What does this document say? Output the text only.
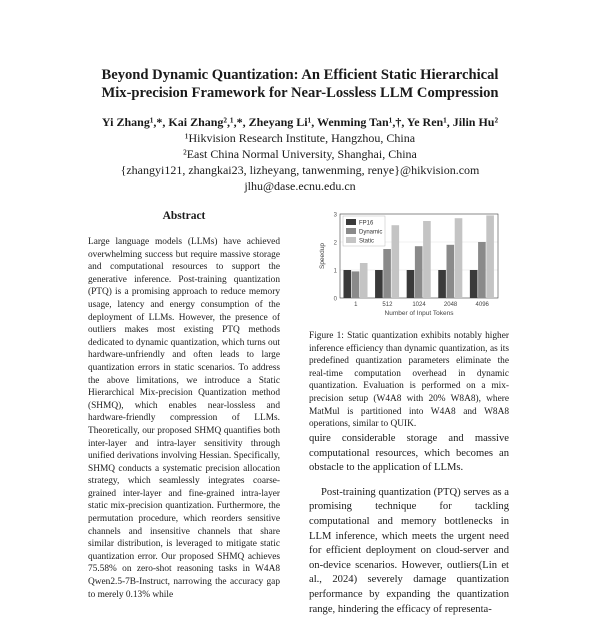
Beyond Dynamic Quantization: An Efficient Static Hierarchical
Mix-precision Framework for Near-Lossless LLM Compression
Yi Zhang¹,*, Kai Zhang²,¹,*, Zheyang Li¹, Wenming Tan¹,†, Ye Ren¹, Jilin Hu²
¹Hikvision Research Institute, Hangzhou, China
²East China Normal University, Shanghai, China
{zhangyi121, zhangkai23, lizheyang, tanwenming, renye}@hikvision.com
jlhu@dase.ecnu.edu.cn
Abstract

Large language models (LLMs) have achieved overwhelming success but require massive storage and computational resources to support the generative inference. Post-training quantization (PTQ) is a promising approach to reduce memory usage, latency and energy consumption of the deployment of LLMs. However, the presence of outliers makes most existing PTQ methods dedicated to dynamic quantization, which turns out hardware-unfriendly and often leads to large quantization errors in static scenarios. To address the above limitations, we introduce a Static Hierarchical Mix-precision Quantization method (SHMQ), which enables near-lossless and hardware-friendly compression of LLMs. Theoretically, our proposed SHMQ quantifies both inter-layer and intra-layer sensitivity through unified derivations involving Hessian. Specifically, SHMQ conducts a systematic precision allocation strategy, which seamlessly integrates coarse-grained inter-layer and fine-grained intra-layer static mix-precision quantization. Furthermore, the permutation procedure, which reorders sensitive channels and insensitive channels that share similar distribution, is leveraged to mitigate static quantization error. Our proposed SHMQ achieves 75.58% on zero-shot reasoning tasks in W4A8 Qwen2.5-7B-Instruct, narrowing the accuracy gap to merely 0.13% while

0
1
2
3
1	512	1024	2048	4096
Number of Input Tokens
Speedup
FP16
Dynamic
Static

Figure 1: Static quantization exhibits notably higher inference efficiency than dynamic quantization, as its predefined quantization parameters eliminate the real-time computation overhead in dynamic quantization. Evaluation is performed on a mix-precision setup (W4A8 with 20% W8A8), where MatMul is partitioned into W4A8 and W8A8 operations, similar to QUIK.

quire considerable storage and massive computational resources, which becomes an obstacle to the application of LLMs.

Post-training quantization (PTQ) serves as a promising technique for tackling computational and memory bottlenecks in LLM inference, which meets the urgent need for efficient deployment on cloud-server and on-device scenarios. However, outliers(Lin et al., 2024) severely damage quantization performance by expanding the quantization range, hindering the efficacy of representa-
